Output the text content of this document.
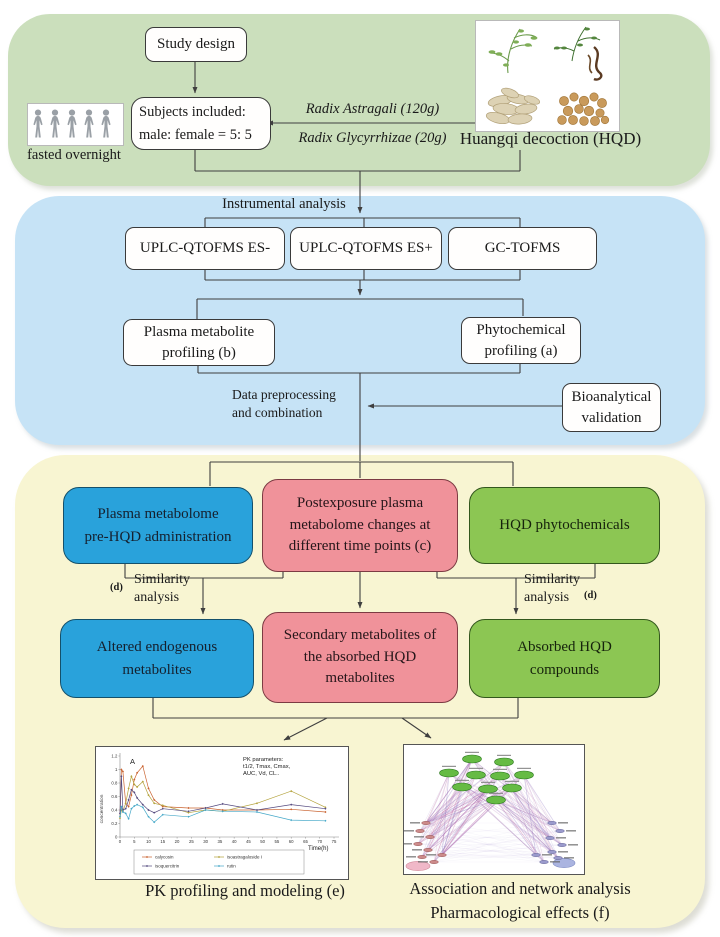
Study design
Subjects included:
male: female = 5: 5
fasted overnight
Radix Astragali (120g)
Radix Glycyrrhizae (20g) Huangqi decoction (HQD)
Instrumental analysis
UPLC-QTOFMS ES- UPLC-QTOFMS ES+	GC-TOFMS
Plasma metabolite
profiling (b)
Phytochemical
profiling (a)
Data preprocessing
and combination
Bioanalytical
validation
Plasma metabolome
pre-HQD administration
Postexposure plasma
metabolome changes at
different time points (c)
HQD phytochemicals
(d)
Similarity
analysis
Similarity
analysis	(d)
Altered endogenous
metabolites
Secondary metabolites of
the absorbed HQD
metabolites
Absorbed HQD
compounds
0
0.2
0.4
0.6
0.8
1
1.2
0	5 10 15 20 25 30 35 40 45 50 55 60 65 70 75
A	PK parameters:
t1/2, Tmax, Cmax,
AUC, Vd, CL..
Time(h)
concentration
calycosin	isoastragaloside I
isoquercitrin	rutin
PK profiling and modeling (e)	Association and network analysis
Pharmacological effects (f)
